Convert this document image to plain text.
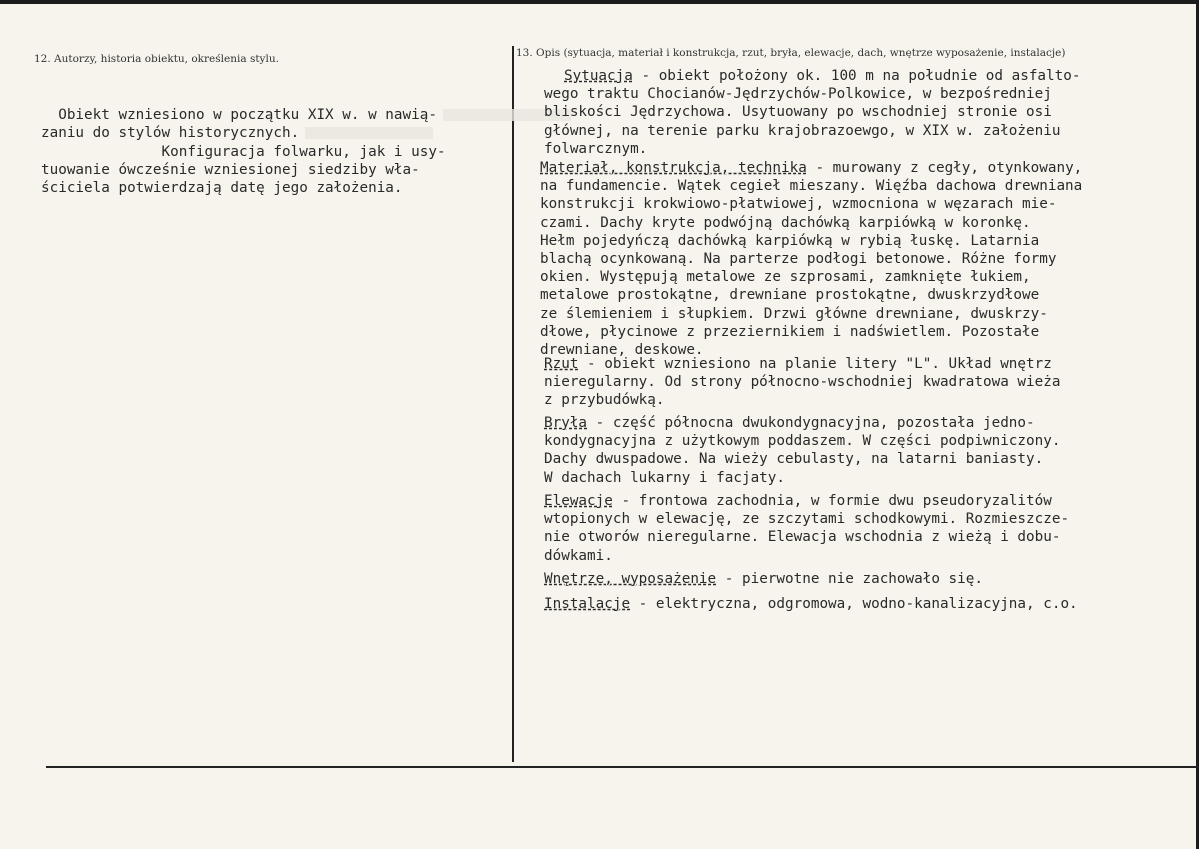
12. Autorzy, historia obiektu, określenia stylu.	13. Opis (sytuacja, materiał i konstrukcja, rzut, bryła, elewacje, dach, wnętrze wyposażenie, instalacje)

Obiekt wzniesiono w początku XIX w. w nawią-
zaniu do stylów historycznych.
Konfiguracja folwarku, jak i usy-
tuowanie ówcześnie wzniesionej siedziby wła-
ściciela potwierdzają datę jego założenia.

Sytuacja - obiekt położony ok. 100 m na południe od asfalto-
wego traktu Chocianów-Jędrzychów-Polkowice, w bezpośredniej
bliskości Jędrzychowa. Usytuowany po wschodniej stronie osi
głównej, na terenie parku krajobrazoewgo, w XIX w. założeniu
folwarcznym.
Materiał, konstrukcja, technika - murowany z cegły, otynkowany,
na fundamencie. Wątek cegieł mieszany. Więźba dachowa drewniana
konstrukcji krokwiowo-płatwiowej, wzmocniona w węzarach mie-
czami. Dachy kryte podwójną dachówką karpiówką w koronkę.
Hełm pojedyńczą dachówką karpiówką w rybią łuskę. Latarnia
blachą ocynkowaną. Na parterze podłogi betonowe. Różne formy
okien. Występują metalowe ze szprosami, zamknięte łukiem,
metalowe prostokątne, drewniane prostokątne, dwuskrzydłowe
ze ślemieniem i słupkiem. Drzwi główne drewniane, dwuskrzy-
dłowe, płycinowe z przeziernikiem i nadświetlem. Pozostałe
drewniane, deskowe.
Rzut - obiekt wzniesiono na planie litery "L". Układ wnętrz
nieregularny. Od strony północno-wschodniej kwadratowa wieża
z przybudówką.
Bryła - część północna dwukondygnacyjna, pozostała jedno-
kondygnacyjna z użytkowym poddaszem. W części podpiwniczony.
Dachy dwuspadowe. Na wieży cebulasty, na latarni baniasty.
W dachach lukarny i facjaty.
Elewacje - frontowa zachodnia, w formie dwu pseudoryzalitów
wtopionych w elewację, ze szczytami schodkowymi. Rozmieszcze-
nie otworów nieregularne. Elewacja wschodnia z wieżą i dobu-
dówkami.
Wnętrze, wyposażenie - pierwotne nie zachowało się.
Instalacje - elektryczna, odgromowa, wodno-kanalizacyjna, c.o.
